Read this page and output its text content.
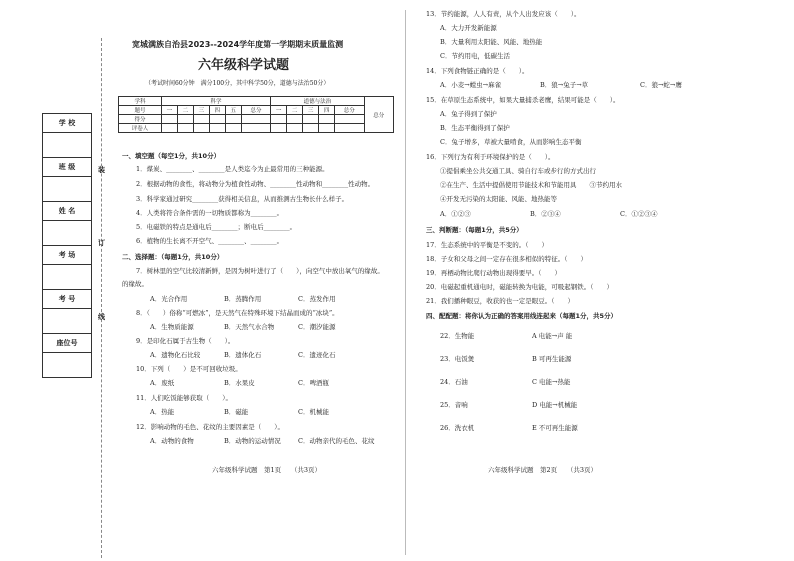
学 校
班 级
姓 名
考 场
考 号
座位号
装
订
线
宽城满族自治县2023--2024学年度第一学期期末质量监测
六年级科学试题
（考试时间60分钟　满分100分，其中科学50分，道德与法治50分）
学科	科学						道德与法治					总分
题号	一	二	三	四	五	总分	一	二	三	四	总分	
得分												
评卷人												
一、填空题（每空1分，共10分）
1．煤炭、________、________是人类迄今为止最常用的三种能源。
2．根据动物的食性，将动物分为植食性动物、________性动物和________性动物。
3．科学家通过研究________获得相关信息，从而推测古生物长什么样子。
4．人类将符合条件需的一切物质都称为________。
5．电磁铁的特点是通电后________；断电后________。
6．植物的生长离不开空气、________、________。
二、选择题：（每题1分，共10分）
7．树林里的空气比较清新鲜，是因为树叶进行了（　　），向空气中放出氧气的缘故。
的缘故。
A．光合作用	B．蒸腾作用	C．蒸发作用
8．（　　）俗称“可燃冰”，是天然气在特殊环境下结晶而成的“冰块”。
A．生物质能源	B．天然气水合物	C．潮汐能源
9．是印化石属于古生物（　　）。
A．遗物化石比较	B．遗体化石	C．遗迹化石
10．下列（　　）是不可回收垃圾。
A．废纸	B．水果皮	C．啤酒瓶
11．人们吃饭能够获取（　　）。
A．热能	B．磁能	C．机械能
12．影响动物的毛色、花纹的主要因素是（　　）。
A．动物的食物	B．动物的运动情况	C．动物亲代的毛色、花纹
六年级科学试题　第1页　　（共3页）
13．节约能源，人人有责，从个人出发应该（　　）。
A．大力开发新能源
B．大量利用太阳能、风能、地热能
C．节约用电，低碳生活
14．下列食物链正确的是（　　）。
A．小麦→螳虫→麻雀	B．狼→兔子→草	C．狼→蛇→鹰
15．在草原生态系统中，如果大量捕杀老鹰，结果可能是（　　）。
A．兔子得到了保护
B．生态平衡得到了保护
C．兔子增多，草被大量啃食，从而影响生态平衡
16．下列行为有利于环境保护的是（　　）。
①提倡乘坐公共交通工具、骑自行车或步行的方式出行
②在生产、生活中提倡使用节能技术和节能用具　　③节约用水
④开发无污染的太阳能、风能、地热能等
A．①②③	B．②③④	C．①②③④
三、判断题：（每题1分，共5分）
17．生态系统中的平衡是不变的。（　　）
18．子女和父母之间一定存在很多相似的特征。（　　）
19．再栖动物比爬行动物出现得要早。（　　）
20．电磁起重机通电时，磁能转换为电能，可吸起钢铁。（　　）
21．我们播种眼豆，收获的也一定是眼豆。（　　）
四、配配题：将你认为正确的答案用线连起来（每题1分，共5分）
22．生物能	A 电能→声 能
23．电饭煲	B 可再生能源
24．石油	C 电能→热能
25．音响	D 电能→机械能
26．洗衣机	E 不可再生能源
六年级科学试题　第2页　　（共3页）
